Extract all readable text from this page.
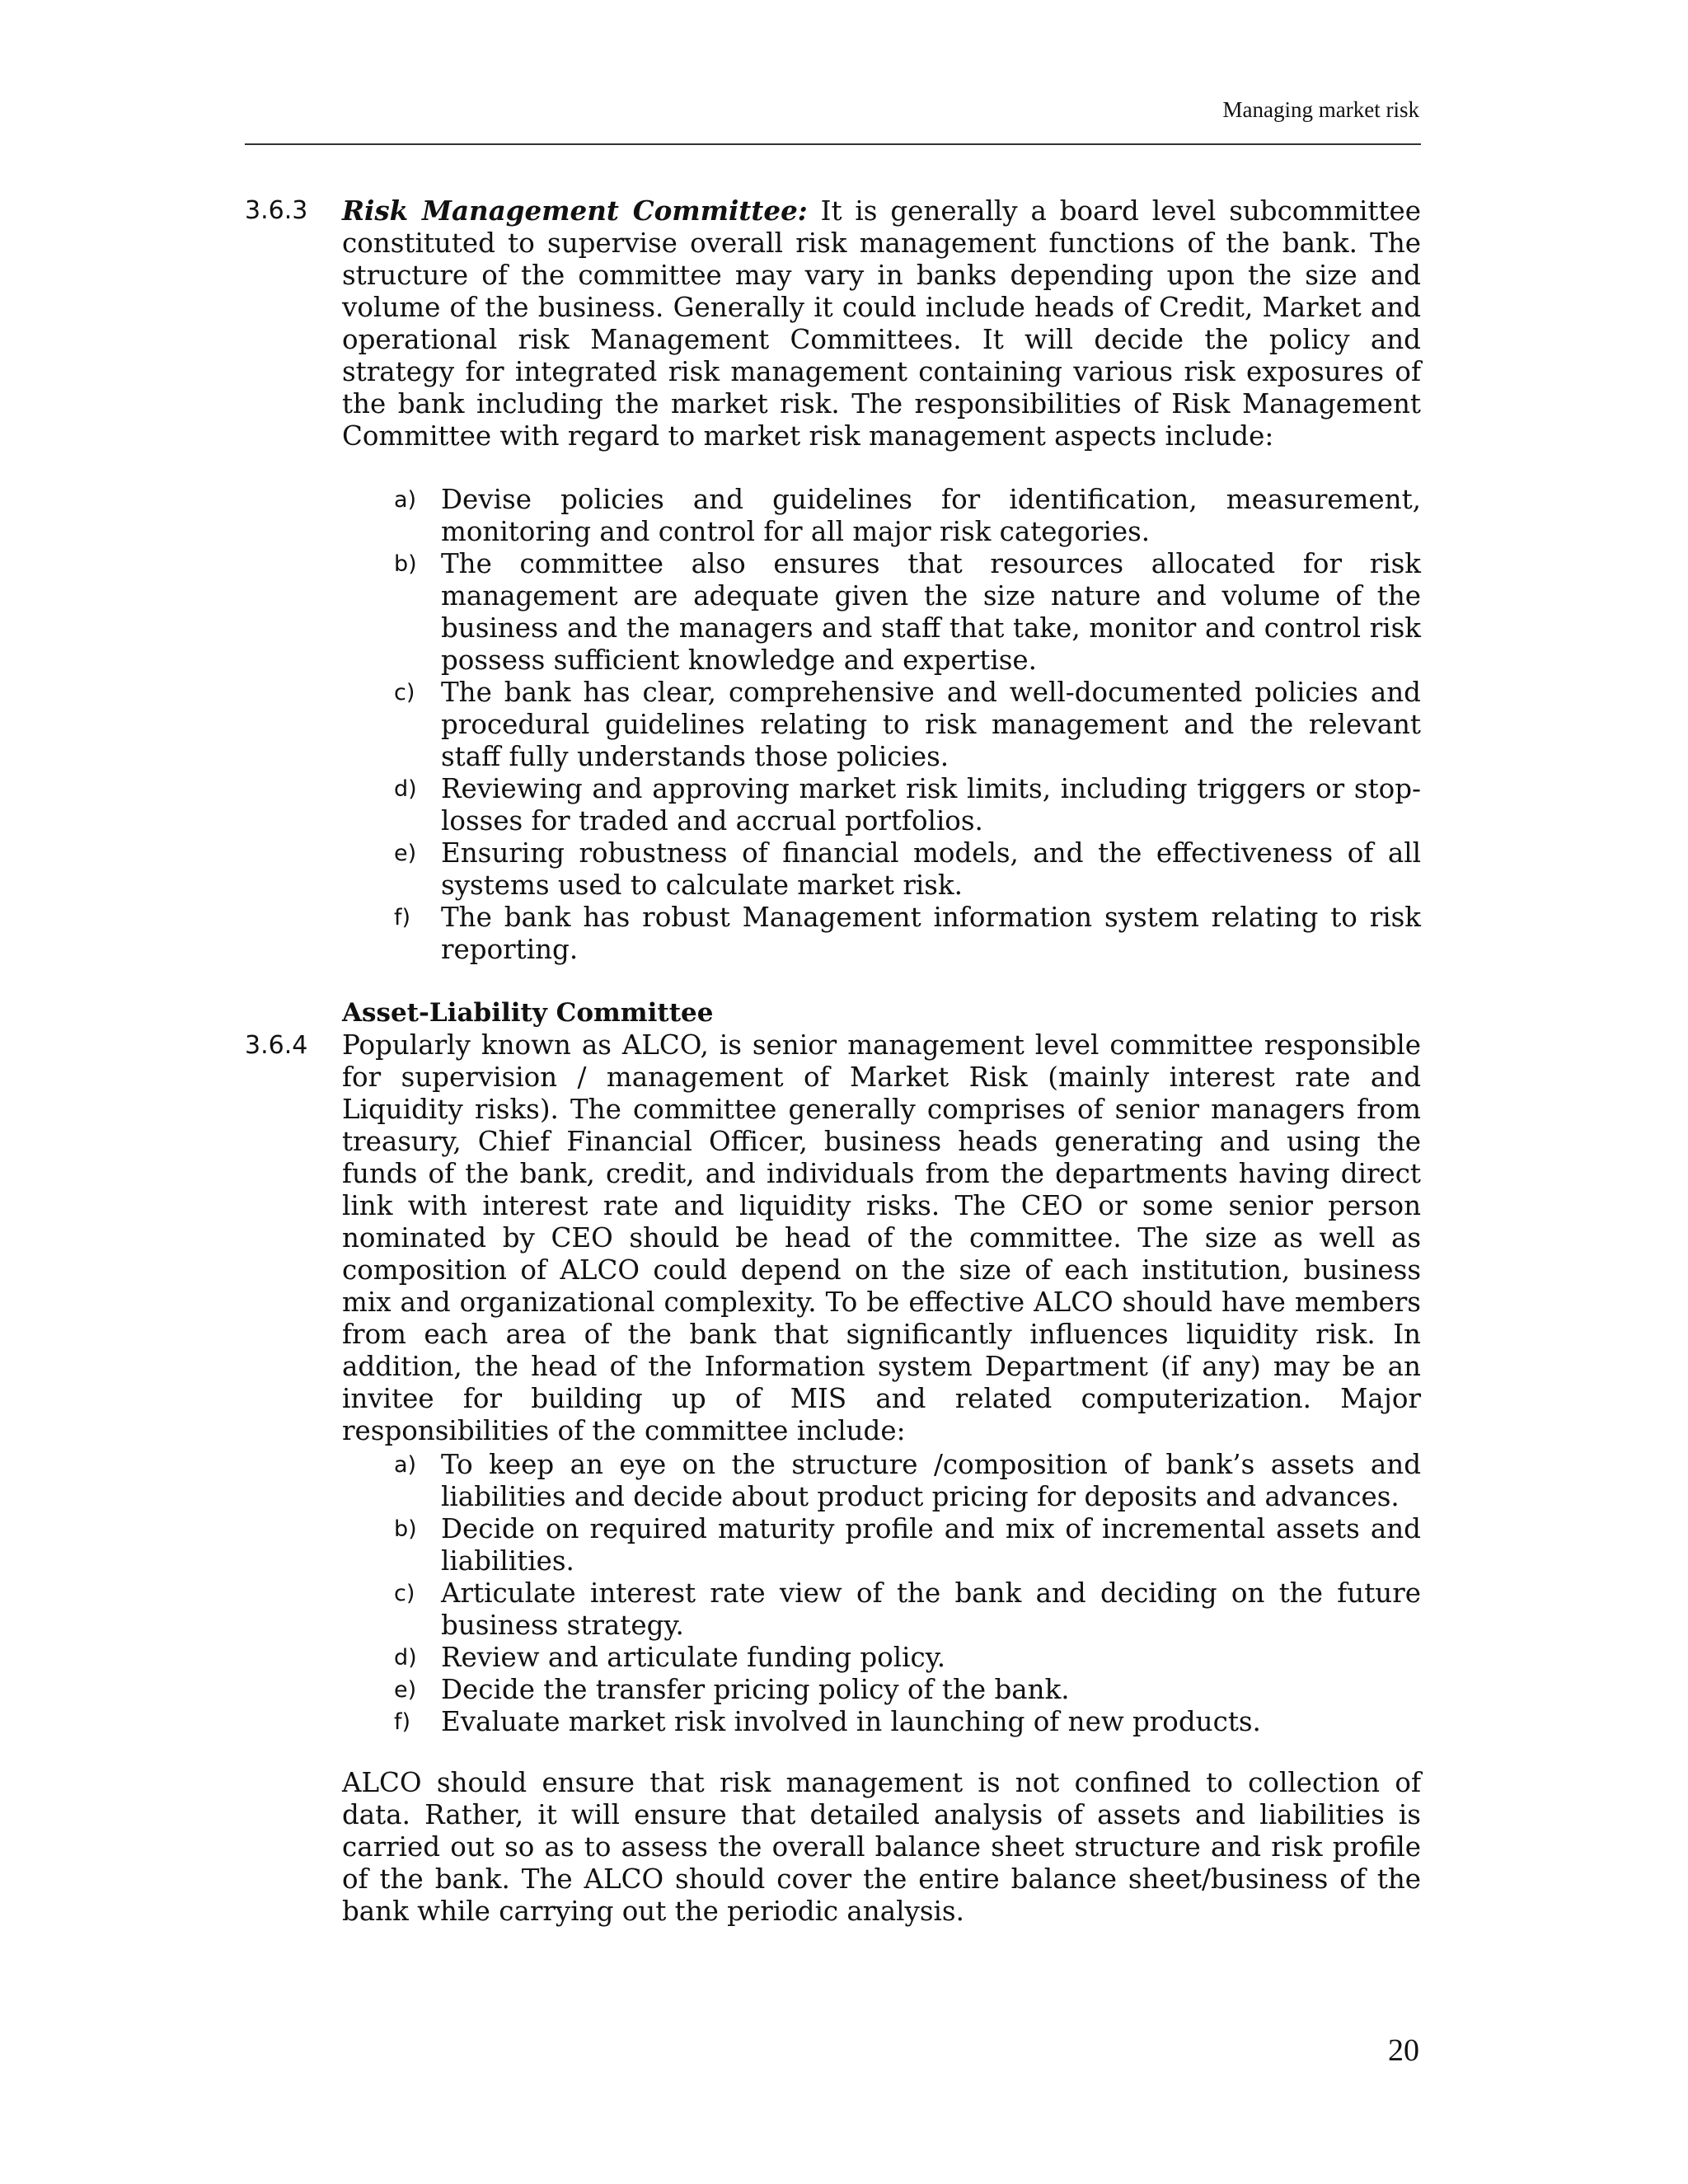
Managing market risk
3.6.3 Risk Management Committee: It is generally a board level subcommittee constituted to supervise overall risk management functions of the bank. The structure of the committee may vary in banks depending upon the size and volume of the business. Generally it could include heads of Credit, Market and operational risk Management Committees. It will decide the policy and strategy for integrated risk management containing various risk exposures of the bank including the market risk. The responsibilities of Risk Management Committee with regard to market risk management aspects include:

a) Devise policies and guidelines for identification, measurement, monitoring and control for all major risk categories.
b) The committee also ensures that resources allocated for risk management are adequate given the size nature and volume of the business and the managers and staff that take, monitor and control risk possess sufficient knowledge and expertise.
c) The bank has clear, comprehensive and well-documented policies and procedural guidelines relating to risk management and the relevant staff fully understands those policies.
d) Reviewing and approving market risk limits, including triggers or stop-losses for traded and accrual portfolios.
e) Ensuring robustness of financial models, and the effectiveness of all systems used to calculate market risk.
f) The bank has robust Management information system relating to risk reporting.
Asset-Liability Committee
3.6.4 Popularly known as ALCO, is senior management level committee responsible for supervision / management of Market Risk (mainly interest rate and Liquidity risks). The committee generally comprises of senior managers from treasury, Chief Financial Officer, business heads generating and using the funds of the bank, credit, and individuals from the departments having direct link with interest rate and liquidity risks. The CEO or some senior person nominated by CEO should be head of the committee. The size as well as composition of ALCO could depend on the size of each institution, business mix and organizational complexity. To be effective ALCO should have members from each area of the bank that significantly influences liquidity risk. In addition, the head of the Information system Department (if any) may be an invitee for building up of MIS and related computerization. Major responsibilities of the committee include:

a) To keep an eye on the structure /composition of bank’s assets and liabilities and decide about product pricing for deposits and advances.
b) Decide on required maturity profile and mix of incremental assets and liabilities.
c) Articulate interest rate view of the bank and deciding on the future business strategy.
d) Review and articulate funding policy.
e) Decide the transfer pricing policy of the bank.
f) Evaluate market risk involved in launching of new products.

ALCO should ensure that risk management is not confined to collection of data. Rather, it will ensure that detailed analysis of assets and liabilities is carried out so as to assess the overall balance sheet structure and risk profile of the bank. The ALCO should cover the entire balance sheet/business of the bank while carrying out the periodic analysis.

20
